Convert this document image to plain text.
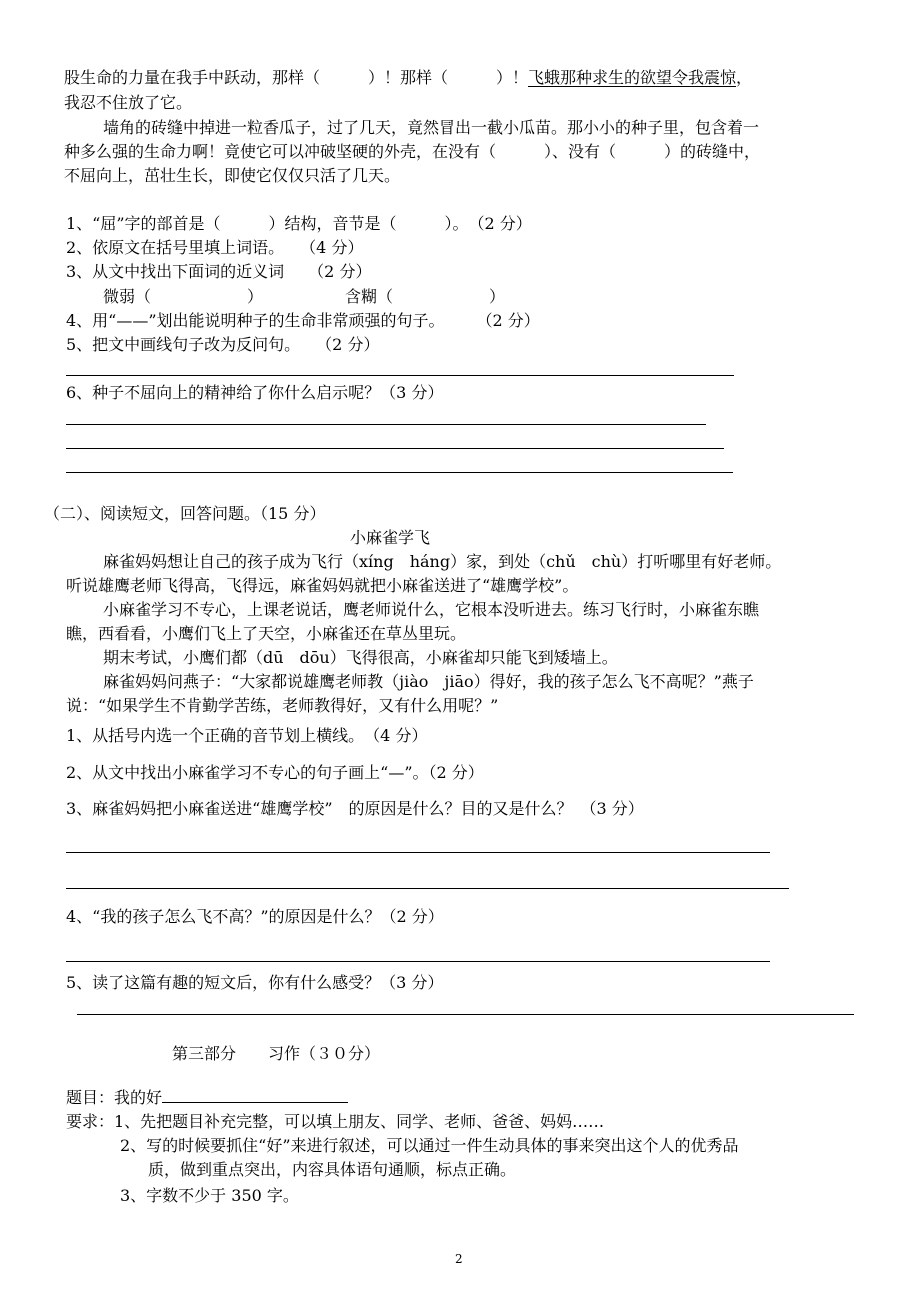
股生命的力量在我手中跃动，那样（　　　）！那样（　　　）！飞蛾那种求生的欲望令我震惊，
我忍不住放了它。
墙角的砖缝中掉进一粒香瓜子，过了几天，竟然冒出一截小瓜苗。那小小的种子里，包含着一
种多么强的生命力啊！竟使它可以冲破坚硬的外壳，在没有（　　　）、没有（　　　）的砖缝中，
不屈向上，茁壮生长，即使它仅仅只活了几天。
1、“屈”字的部首是（　　　）结构，音节是（　　　）。　（2 分）
2、依原文在括号里填上词语。　　（4 分）
3、从文中找出下面词的近义词　　（2 分）
微弱（　　　　　　）	含糊（　　　　　　）
4、用“——”划出能说明种子的生命非常顽强的句子。　　　（2 分）
5、把文中画线句子改为反问句。　　（2 分）
6、种子不屈向上的精神给了你什么启示呢？（3 分）
（二）、阅读短文，回答问题。（15 分）
小麻雀学飞
麻雀妈妈想让自己的孩子成为飞行（xíng　háng）家，到处（chǔ　chù）打听哪里有好老师。
听说雄鹰老师飞得高，飞得远，麻雀妈妈就把小麻雀送进了“雄鹰学校”。
小麻雀学习不专心，上课老说话，鹰老师说什么，它根本没听进去。练习飞行时，小麻雀东瞧
瞧，西看看，小鹰们飞上了天空，小麻雀还在草丛里玩。
期末考试，小鹰们都（dū　dōu）飞得很高，小麻雀却只能飞到矮墙上。
麻雀妈妈问燕子：“大家都说雄鹰老师教（jiào　jiāo）得好，我的孩子怎么飞不高呢？”燕子
说：“如果学生不肯勤学苦练，老师教得好，又有什么用呢？”
1、从括号内选一个正确的音节划上横线。　（4 分）
2、从文中找出小麻雀学习不专心的句子画上“—”。（2 分）
3、麻雀妈妈把小麻雀送进“雄鹰学校”　的原因是什么？目的又是什么？　（3 分）
4、“我的孩子怎么飞不高？”的原因是什么？（2 分）
5、读了这篇有趣的短文后，你有什么感受？（3 分）
第三部分　　习作（３０分）
题目：我的好
要求：1、先把题目补充完整，可以填上朋友、同学、老师、爸爸、妈妈……
2、写的时候要抓住“好”来进行叙述，可以通过一件生动具体的事来突出这个人的优秀品
质，做到重点突出，内容具体语句通顺，标点正确。
3、字数不少于 350 字。
2
